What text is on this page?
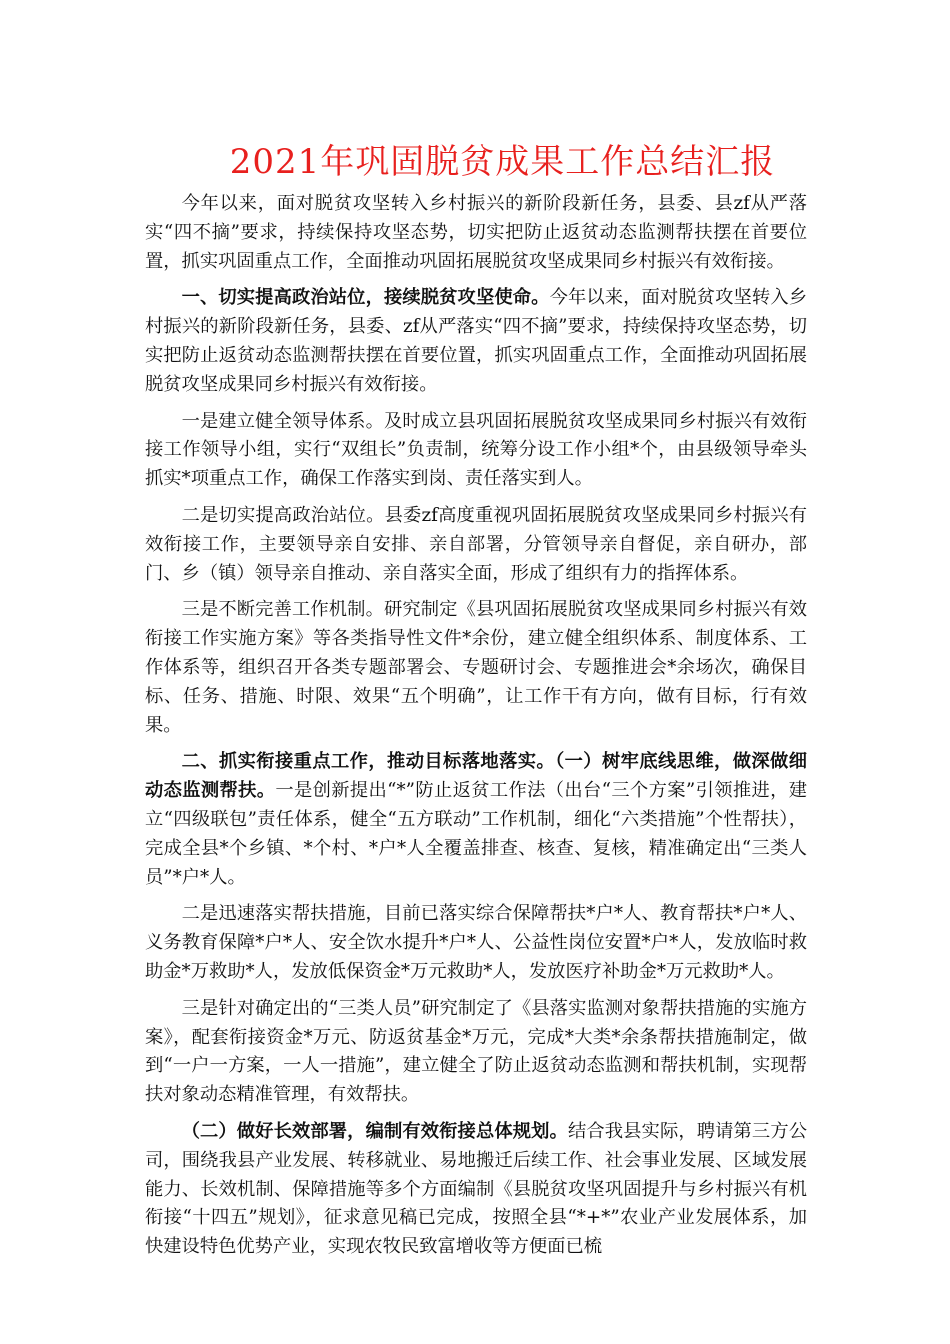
2021年巩固脱贫成果工作总结汇报

今年以来，面对脱贫攻坚转入乡村振兴的新阶段新任务，县委、县zf从严落实“四不摘”要求，持续保持攻坚态势，切实把防止返贫动态监测帮扶摆在首要位置，抓实巩固重点工作，全面推动巩固拓展脱贫攻坚成果同乡村振兴有效衔接。

一、切实提高政治站位，接续脱贫攻坚使命。今年以来，面对脱贫攻坚转入乡村振兴的新阶段新任务，县委、zf从严落实“四不摘”要求，持续保持攻坚态势，切实把防止返贫动态监测帮扶摆在首要位置，抓实巩固重点工作，全面推动巩固拓展脱贫攻坚成果同乡村振兴有效衔接。

一是建立健全领导体系。及时成立县巩固拓展脱贫攻坚成果同乡村振兴有效衔接工作领导小组，实行“双组长”负责制，统筹分设工作小组*个，由县级领导牵头抓实*项重点工作，确保工作落实到岗、责任落实到人。

二是切实提高政治站位。县委zf高度重视巩固拓展脱贫攻坚成果同乡村振兴有效衔接工作，主要领导亲自安排、亲自部署，分管领导亲自督促，亲自研办，部门、乡（镇）领导亲自推动、亲自落实全面，形成了组织有力的指挥体系。

三是不断完善工作机制。研究制定《县巩固拓展脱贫攻坚成果同乡村振兴有效衔接工作实施方案》等各类指导性文件*余份，建立健全组织体系、制度体系、工作体系等，组织召开各类专题部署会、专题研讨会、专题推进会*余场次，确保目标、任务、措施、时限、效果“五个明确”，让工作干有方向，做有目标，行有效果。

二、抓实衔接重点工作，推动目标落地落实。（一）树牢底线思维，做深做细动态监测帮扶。一是创新提出“*”防止返贫工作法（出台“三个方案”引领推进，建立“四级联包”责任体系，健全“五方联动”工作机制，细化“六类措施”个性帮扶），完成全县*个乡镇、*个村、*户*人全覆盖排查、核查、复核，精准确定出“三类人员”*户*人。

二是迅速落实帮扶措施，目前已落实综合保障帮扶*户*人、教育帮扶*户*人、义务教育保障*户*人、安全饮水提升*户*人、公益性岗位安置*户*人，发放临时救助金*万救助*人，发放低保资金*万元救助*人，发放医疗补助金*万元救助*人。

三是针对确定出的“三类人员”研究制定了《县落实监测对象帮扶措施的实施方案》，配套衔接资金*万元、防返贫基金*万元，完成*大类*余条帮扶措施制定，做到“一户一方案，一人一措施”，建立健全了防止返贫动态监测和帮扶机制，实现帮扶对象动态精准管理，有效帮扶。

（二）做好长效部署，编制有效衔接总体规划。结合我县实际，聘请第三方公司，围绕我县产业发展、转移就业、易地搬迁后续工作、社会事业发展、区域发展能力、长效机制、保障措施等多个方面编制《县脱贫攻坚巩固提升与乡村振兴有机衔接“十四五”规划》，征求意见稿已完成，按照全县“*+*”农业产业发展体系，加快建设特色优势产业，实现农牧民致富增收等方便面已梳
